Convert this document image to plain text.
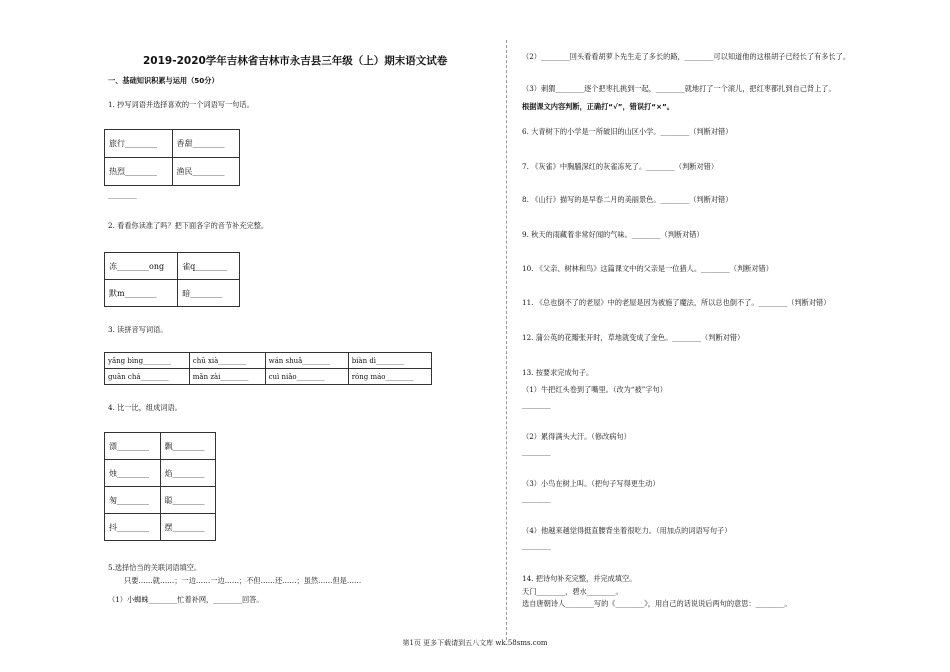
2019-2020学年吉林省吉林市永吉县三年级（上）期末语文试卷
一、基础知识积累与运用（50分）
1. 抄写词语并选择喜欢的一个词语写一句话。
旅行________	香甜________
热烈________	渔民________
________
2. 看看你读准了吗？把下面各字的音节补充完整。
冻________ong	雀q________
默m________	暗________
3. 读拼音写词语。
yǎng bìng________	chū xià________	wán shuǎ________	biàn dì________
guān chá________	mǎn zài________	cuì niǎo________	róng máo________
4. 比一比，组成词语。
漂________	飘________
烛________	焰________
匆________	聪________
抖________	摆________
5.选择恰当的关联词语填空。
只要……就……；一边……一边……；不但……还……；虽然……但是……
（1）小蜘蛛________忙着补网，________回答。
（2）________回头看看胡萝卜先生走了多长的路，________可以知道他的这根胡子已经长了有多长了。
（3）刺猬________逐个把枣扎挑到一起，________就地打了一个滚儿，把红枣都扎到自己背上了。
根据课文内容判断，正确打“√”，错误打“×”。
6. 大青树下的小学是一所破旧的山区小学。________（判断对错）
7. 《灰雀》中胸脯深红的灰雀冻死了。________（判断对错）
8. 《山行》描写的是早春二月的美丽景色。________（判断对错）
9. 秋天的雨藏着非常好闻的气味。________（判断对错）
10. 《父亲、树林和鸟》这篇课文中的父亲是一位猎人。________（判断对错）
11. 《总也倒不了的老屋》中的老屋是因为被施了魔法，所以总也倒不了。________（判断对错）
12. 蒲公英的花瓣张开时，草地就变成了金色。________（判断对错）
13. 按要求完成句子。
（1）牛把红头卷到了嘴里。（改为“被”字句）
________
（2）累得满头大汗。（修改病句）
________
（3）小鸟在树上叫。（把句子写得更生动）
________
（4）他越来越觉得挺直腰背坐着很吃力。（用加点的词语写句子）
________
14. 把诗句补充完整，并完成填空。
天门________，碧水________。
选自唐朝诗人________写的《________》，用自己的话说说后两句的意思：________。
第1页 更多下载请到五八文库 wk.58sms.com
